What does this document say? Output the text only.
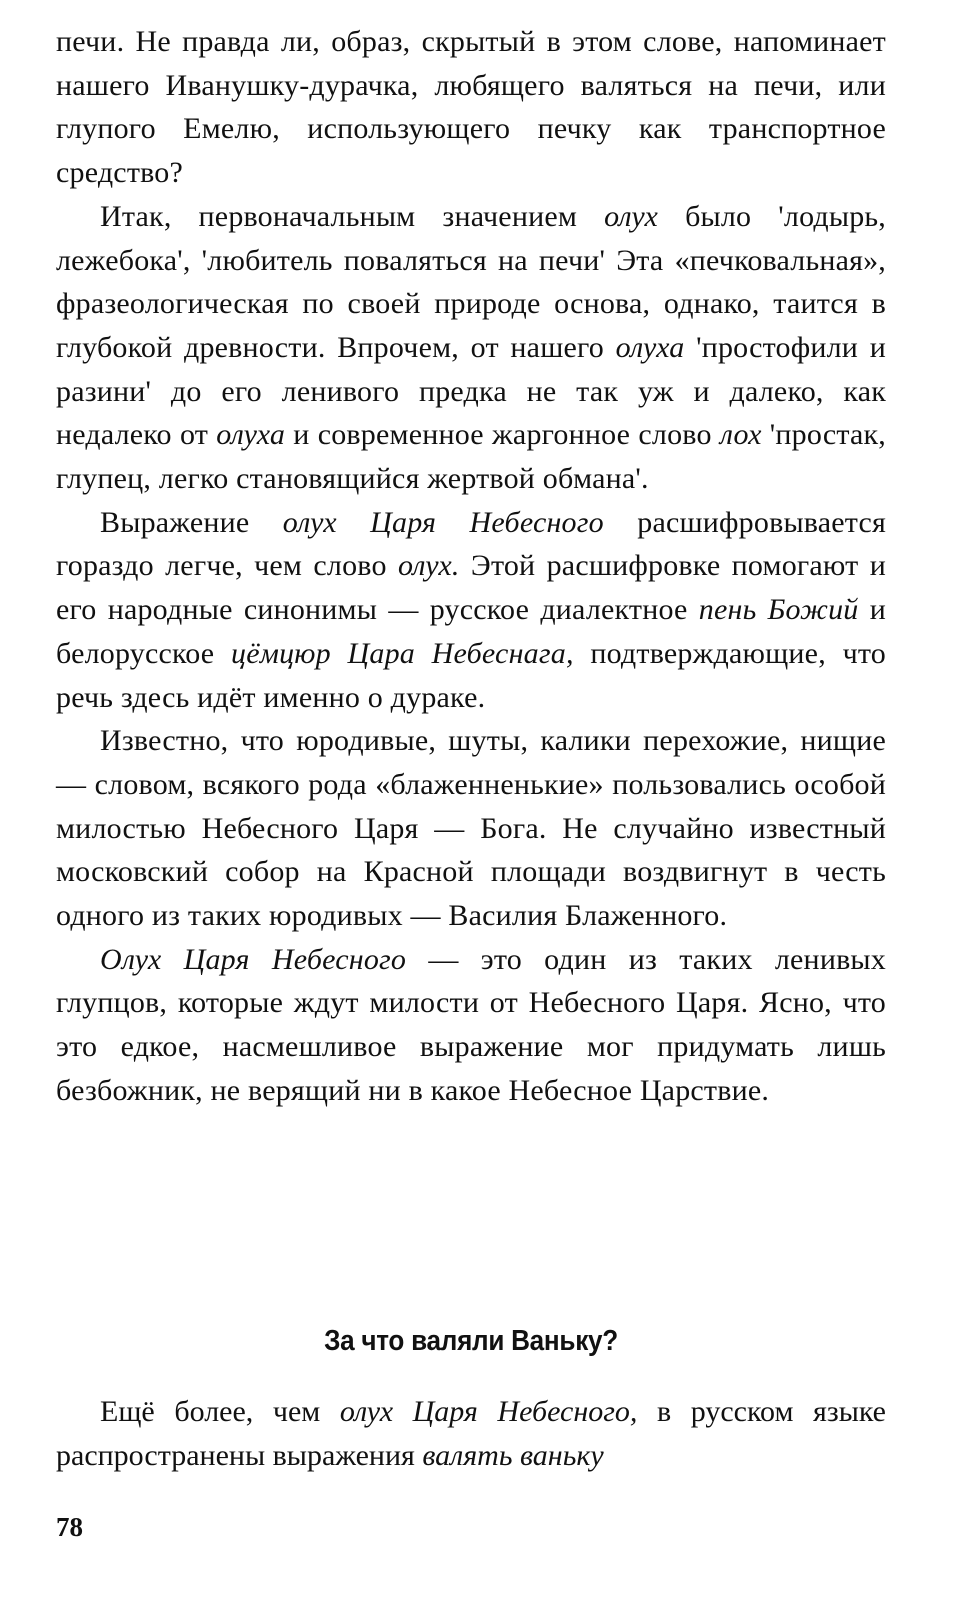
печи. Не правда ли, образ, скрытый в этом слове, напоминает нашего Иванушку-дурачка, любящего валяться на печи, или глупого Емелю, использующего печку как транспортное средство?

Итак, первоначальным значением олух было 'лодырь, лежебока', 'любитель поваляться на печи' Эта «печковальная», фразеологическая по своей природе основа, однако, таится в глубокой древности. Впрочем, от нашего олуха 'простофили и разини' до его ленивого предка не так уж и далеко, как недалеко от олуха и современное жаргонное слово лох 'простак, глупец, легко становящийся жертвой обмана'.

Выражение олух Царя Небесного расшифровывается гораздо легче, чем слово олух. Этой расшифровке помогают и его народные синонимы — русское диалектное пень Божий и белорусское цёмцюр Цара Небеснага, подтверждающие, что речь здесь идёт именно о дураке.

Известно, что юродивые, шуты, калики перехожие, нищие — словом, всякого рода «блаженненькие» пользовались особой милостью Небесного Царя — Бога. Не случайно известный московский собор на Красной площади воздвигнут в честь одного из таких юродивых — Василия Блаженного.

Олух Царя Небесного — это один из таких ленивых глупцов, которые ждут милости от Небесного Царя. Ясно, что это едкое, насмешливое выражение мог придумать лишь безбожник, не верящий ни в какое Небесное Царствие.

За что валяли Ваньку?

Ещё более, чем олух Царя Небесного, в русском языке распространены выражения валять ваньку

78
